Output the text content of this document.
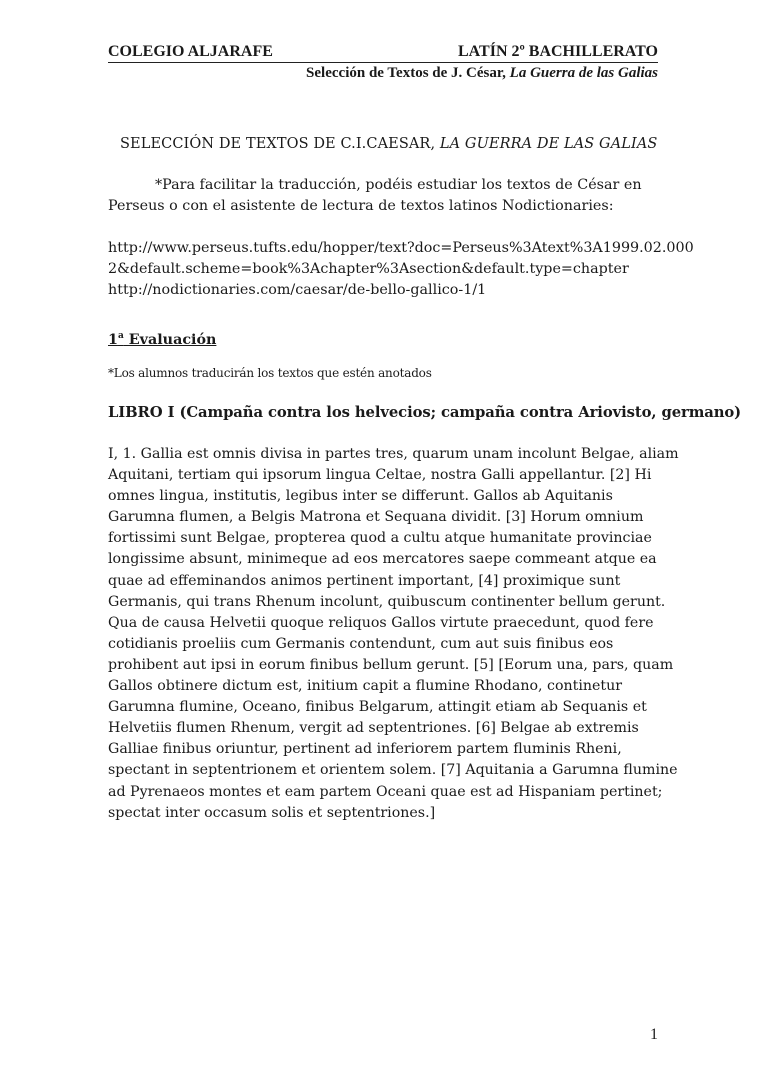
COLEGIO ALJARAFE	LATÍN 2º BACHILLERATO
Selección de Textos de J. César, La Guerra de las Galias
SELECCIÓN DE TEXTOS DE C.I.CAESAR, LA GUERRA DE LAS GALIAS
*Para facilitar la traducción, podéis estudiar los textos de César en
Perseus o con el asistente de lectura de textos latinos Nodictionaries:
http://www.perseus.tufts.edu/hopper/text?doc=Perseus%3Atext%3A1999.02.000
2&default.scheme=book%3Achapter%3Asection&default.type=chapter
http://nodictionaries.com/caesar/de-bello-gallico-1/1
1$^a$ Evaluación
*Los alumnos traducirán los textos que estén anotados
LIBRO I (Campaña contra los helvecios; campaña contra Ariovisto, germano)
I, 1. Gallia est omnis divisa in partes tres, quarum unam incolunt Belgae, aliam
Aquitani, tertiam qui ipsorum lingua Celtae, nostra Galli appellantur. [2] Hi
omnes lingua, institutis, legibus inter se differunt. Gallos ab Aquitanis
Garumna flumen, a Belgis Matrona et Sequana dividit. [3] Horum omnium
fortissimi sunt Belgae, propterea quod a cultu atque humanitate provinciae
longissime absunt, minimeque ad eos mercatores saepe commeant atque ea
quae ad effeminandos animos pertinent important, [4] proximique sunt
Germanis, qui trans Rhenum incolunt, quibuscum continenter bellum gerunt.
Qua de causa Helvetii quoque reliquos Gallos virtute praecedunt, quod fere
cotidianis proeliis cum Germanis contendunt, cum aut suis finibus eos
prohibent aut ipsi in eorum finibus bellum gerunt. [5] [Eorum una, pars, quam
Gallos obtinere dictum est, initium capit a flumine Rhodano, continetur
Garumna flumine, Oceano, finibus Belgarum, attingit etiam ab Sequanis et
Helvetiis flumen Rhenum, vergit ad septentriones. [6] Belgae ab extremis
Galliae finibus oriuntur, pertinent ad inferiorem partem fluminis Rheni,
spectant in septentrionem et orientem solem. [7] Aquitania a Garumna flumine
ad Pyrenaeos montes et eam partem Oceani quae est ad Hispaniam pertinet;
spectat inter occasum solis et septentriones.]
1
